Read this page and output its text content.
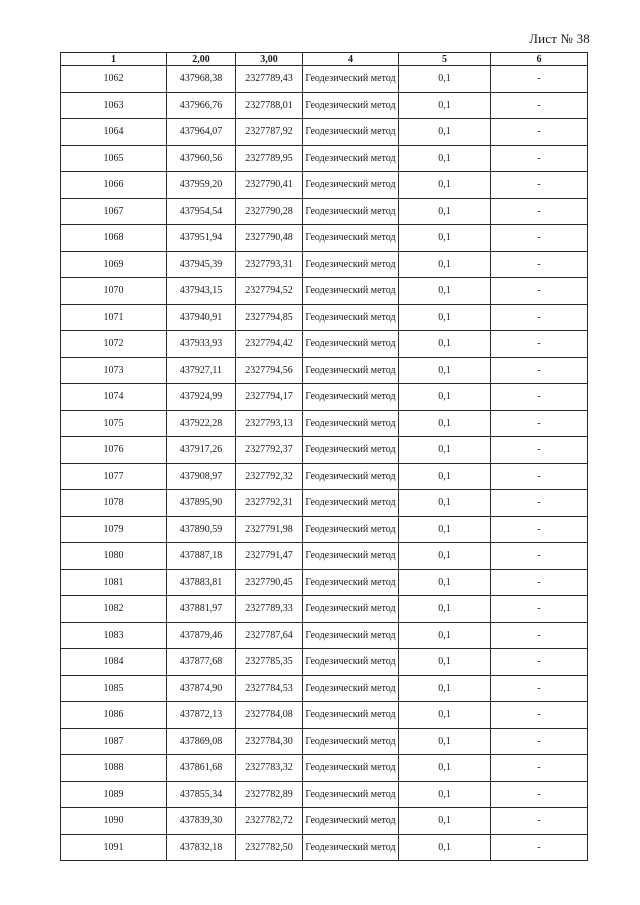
Лист № 38
1	2,00	3,00	4	5	6
1062	437968,38	2327789,43	Геодезический метод	0,1	-
1063	437966,76	2327788,01	Геодезический метод	0,1	-
1064	437964,07	2327787,92	Геодезический метод	0,1	-
1065	437960,56	2327789,95	Геодезический метод	0,1	-
1066	437959,20	2327790,41	Геодезический метод	0,1	-
1067	437954,54	2327790,28	Геодезический метод	0,1	-
1068	437951,94	2327790,48	Геодезический метод	0,1	-
1069	437945,39	2327793,31	Геодезический метод	0,1	-
1070	437943,15	2327794,52	Геодезический метод	0,1	-
1071	437940,91	2327794,85	Геодезический метод	0,1	-
1072	437933,93	2327794,42	Геодезический метод	0,1	-
1073	437927,11	2327794,56	Геодезический метод	0,1	-
1074	437924,99	2327794,17	Геодезический метод	0,1	-
1075	437922,28	2327793,13	Геодезический метод	0,1	-
1076	437917,26	2327792,37	Геодезический метод	0,1	-
1077	437908,97	2327792,32	Геодезический метод	0,1	-
1078	437895,90	2327792,31	Геодезический метод	0,1	-
1079	437890,59	2327791,98	Геодезический метод	0,1	-
1080	437887,18	2327791,47	Геодезический метод	0,1	-
1081	437883,81	2327790,45	Геодезический метод	0,1	-
1082	437881,97	2327789,33	Геодезический метод	0,1	-
1083	437879,46	2327787,64	Геодезический метод	0,1	-
1084	437877,68	2327785,35	Геодезический метод	0,1	-
1085	437874,90	2327784,53	Геодезический метод	0,1	-
1086	437872,13	2327784,08	Геодезический метод	0,1	-
1087	437869,08	2327784,30	Геодезический метод	0,1	-
1088	437861,68	2327783,32	Геодезический метод	0,1	-
1089	437855,34	2327782,89	Геодезический метод	0,1	-
1090	437839,30	2327782,72	Геодезический метод	0,1	-
1091	437832,18	2327782,50	Геодезический метод	0,1	-
